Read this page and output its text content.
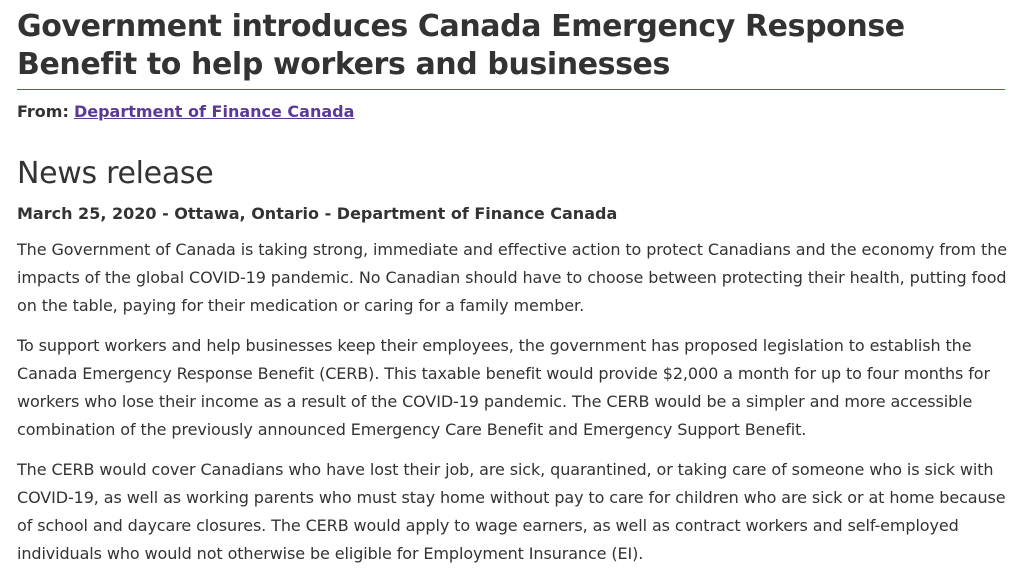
Government introduces Canada Emergency Response Benefit to help workers and businesses
From: Department of Finance Canada
News release
March 25, 2020 - Ottawa, Ontario - Department of Finance Canada

The Government of Canada is taking strong, immediate and effective action to protect Canadians and the economy from the impacts of the global COVID-19 pandemic. No Canadian should have to choose between protecting their health, putting food on the table, paying for their medication or caring for a family member.

To support workers and help businesses keep their employees, the government has proposed legislation to establish the Canada Emergency Response Benefit (CERB). This taxable benefit would provide $2,000 a month for up to four months for workers who lose their income as a result of the COVID-19 pandemic. The CERB would be a simpler and more accessible combination of the previously announced Emergency Care Benefit and Emergency Support Benefit.

The CERB would cover Canadians who have lost their job, are sick, quarantined, or taking care of someone who is sick with COVID-19, as well as working parents who must stay home without pay to care for children who are sick or at home because of school and daycare closures. The CERB would apply to wage earners, as well as contract workers and self-employed individuals who would not otherwise be eligible for Employment Insurance (EI).
